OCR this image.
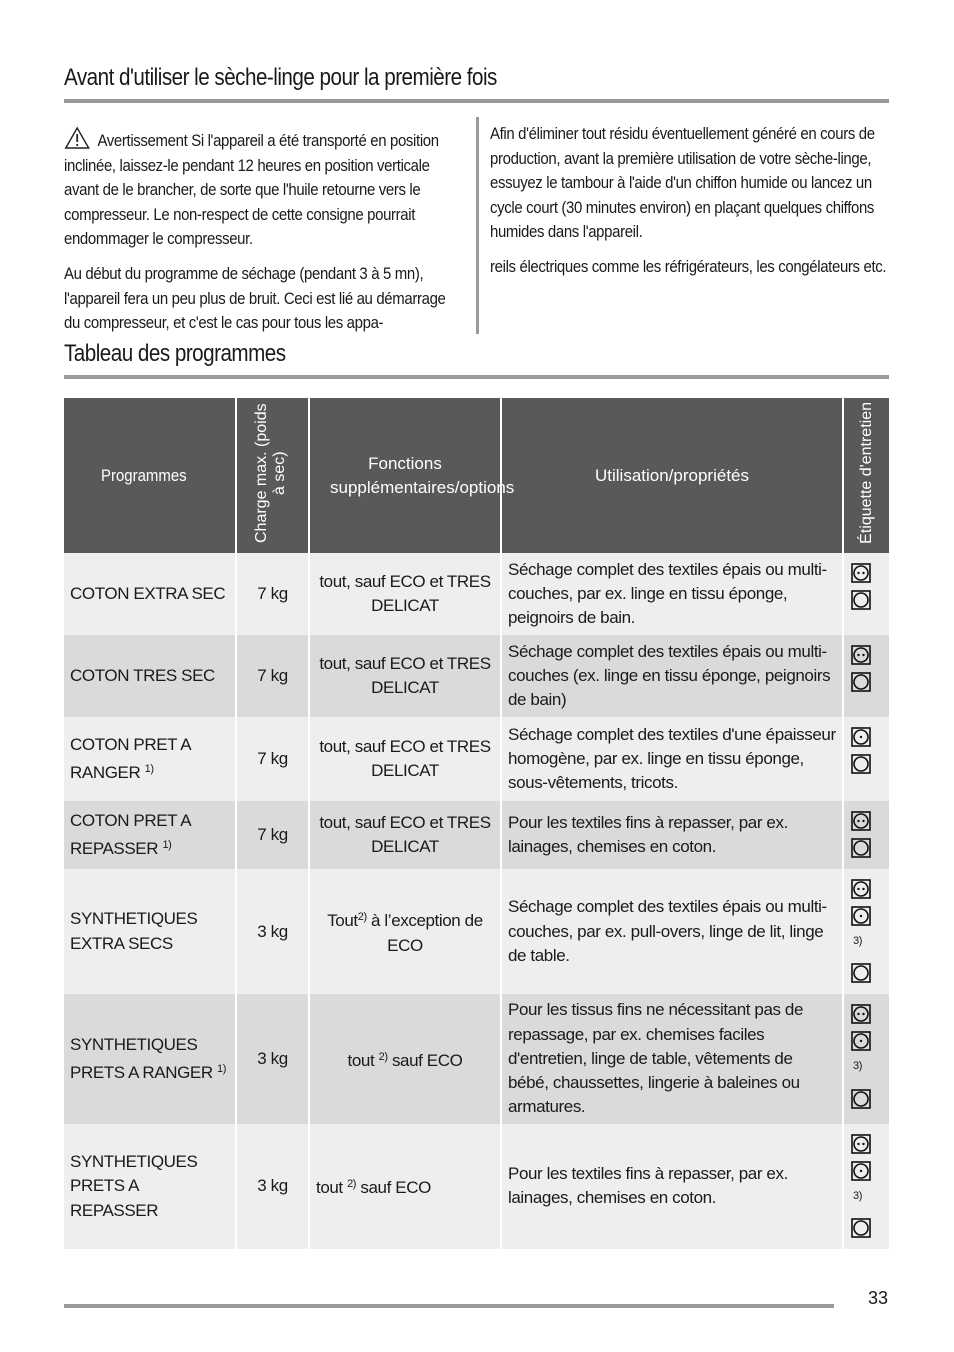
Avant d'utiliser le sèche-linge pour la première fois

Avertissement Si l'appareil a été transporté en position inclinée, laissez-le pendant 12 heures en position verticale avant de le brancher, de sorte que l'huile retourne vers le compresseur. Le non-respect de cette consigne pourrait endommager le compresseur.

Au début du programme de séchage (pendant 3 à 5 mn), l'appareil fera un peu plus de bruit. Ceci est lié au démarrage du compresseur, et c'est le cas pour tous les appa-

Afin d'éliminer tout résidu éventuellement généré en cours de production, avant la première utilisation de votre sèche-linge, essuyez le tambour à l'aide d'un chiffon humide ou lancez un cycle court (30 minutes environ) en plaçant quelques chiffons humides dans l'appareil.

reils électriques comme les réfrigérateurs, les congélateurs etc.

Tableau des programmes
Programmes	Charge max. (poids à sec)	Fonctions supplémentaires/options	Utilisation/propriétés	Étiquette d'entretien
COTON EXTRA SEC	7 kg	tout, sauf ECO et TRES DELICAT	Séchage complet des textiles épais ou multi-couches, par ex. linge en tissu éponge, peignoirs de bain.	

COTON TRES SEC	7 kg	tout, sauf ECO et TRES DELICAT	Séchage complet des textiles épais ou multi-couches (ex. linge en tissu éponge, peignoirs de bain)	

COTON PRET A RANGER $^{1)}$	7 kg	tout, sauf ECO et TRES DELICAT	Séchage complet des textiles d'une épaisseur homogène, par ex. linge en tissu éponge, sous-vêtements, tricots.	

COTON PRET A REPASSER $^{1)}$	7 kg	tout, sauf ECO et TRES DELICAT	Pour les textiles fins à repasser, par ex. lainages, chemises en coton.	

SYNTHETIQUES EXTRA SECS	3 kg	Tout$^{2)}$ à l’exception de ECO	Séchage complet des textiles épais ou multi-couches, par ex. pull-overs, linge de lit, linge de table.	3)

SYNTHETIQUES PRETS A RANGER $^{1)}$	3 kg	tout $^{2)}$ sauf ECO	Pour les tissus fins ne nécessitant pas de repassage, par ex. chemises faciles d'entretien, linge de table, vêtements de bébé, chaussettes, lingerie à baleines ou armatures.	3)

SYNTHETIQUES PRETS A REPASSER	3 kg	tout $^{2)}$ sauf ECO	Pour les textiles fins à repasser, par ex. lainages, chemises en coton.	3)
33
